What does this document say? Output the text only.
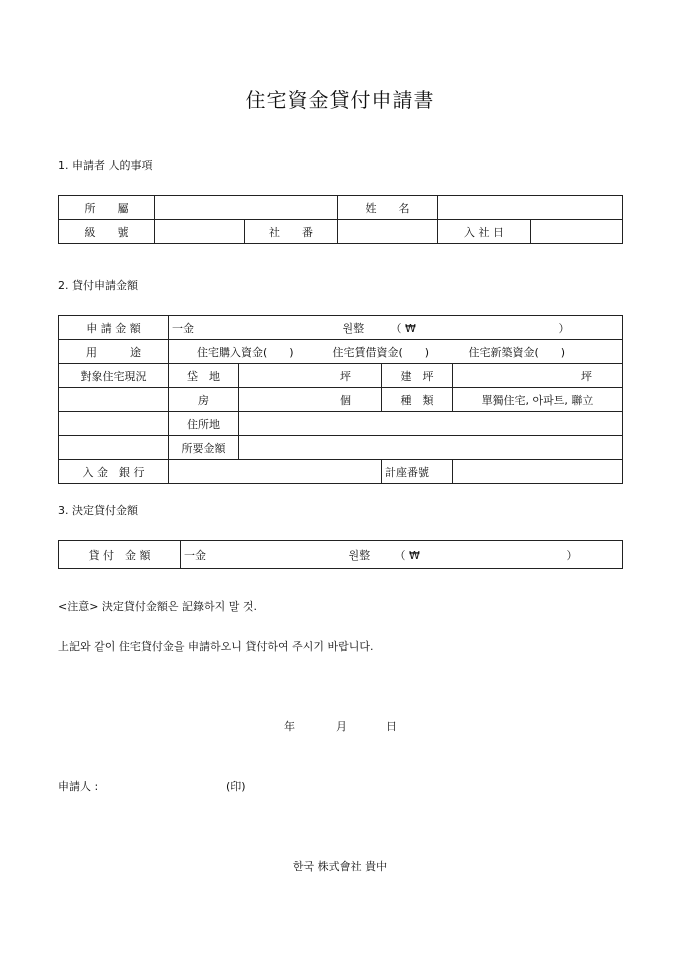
住宅資金貸付申請書
1. 申請者 人的事項
所　　屬			姓　　名		
級　　號		社　　番		入 社 日	
2. 貸付申請金額
申 請 金 額	一金 원整 （ ₩ ）			

用　　　途	住宅購入資金(　　) 住宅賃借資金(　　) 住宅新築資金(　　)			

對象住宅現況	垈　地	坪	建　坪	坪
	房	個	種　類	單獨住宅, 아파트, 聯立
	住所地			
	所要金額			
入 金　銀 行			計座番號	
3. 決定貸付金額
貸 付　金 額	一金	원整 （ ₩	）
<注意> 決定貸付金額은 記錄하지 말 것.
上記와 같이 住宅貸付金을 申請하오니 貸付하여 주시기 바랍니다.
年	月	日
申請人 :	(印)
한국 株式會社 貴中
